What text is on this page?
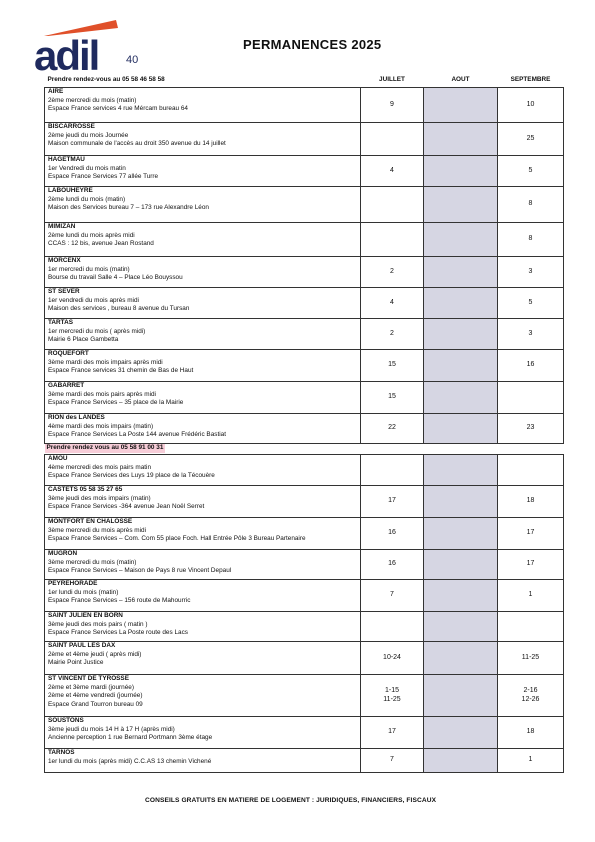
adil	40
PERMANENCES 2025
Prendre rendez-vous au 05 58 46 58 58	JUILLET	AOUT	SEPTEMBRE

AIRE
2ème mercredi du mois (matin)
Espace France services 4 rue Mércam bureau 64	9		10

BISCARROSSE
2ème jeudi du mois Journée
Maison communale de l'accès au droit 350 avenue du 14 juillet			25

HAGETMAU
1er Vendredi du mois matin
Espace France Services 77 allée Turre	4		5

LABOUHEYRE
2ème lundi du mois (matin)
Maison des Services bureau 7 – 173 rue Alexandre Léon			8

MIMIZAN
2ème lundi du mois après midi
CCAS : 12 bis, avenue Jean Rostand			8

MORCENX
1er mercredi du mois (matin)
Bourse du travail Salle 4 – Place Léo Bouyssou	2		3

ST SEVER
1er vendredi du mois après midi
Maison des services , bureau 8 avenue du Tursan	4		5

TARTAS
1er mercredi du mois ( après midi)
Mairie 6 Place Gambetta	2		3

ROQUEFORT
3ème mardi des mois impairs après midi
Espace France services 31 chemin de Bas de Haut	15		16

GABARRET
3ème mardi des mois pairs après midi
Espace France Services – 35 place de la Mairie	15		

RION des LANDES
4ème mardi des mois impairs (matin)
Espace France Services La Poste 144 avenue Frédéric Bastiat	22		23
Prendre rendez vous au 05 58 91 00 31			

AMOU
4ème mercredi des mois pairs matin
Espace France Services des Luys 19 place de la Técouère			

CASTETS 05 58 35 27 65
3ème jeudi des mois impairs (matin)
Espace France Services -364 avenue Jean Noël Serret	17		18

MONTFORT EN CHALOSSE
3ème mercredi du mois après midi
Espace France Services – Com. Com 55 place Foch. Hall Entrée Pôle 3 Bureau Partenaire	16		17

MUGRON
3ème mercredi du mois (matin)
Espace France Services – Maison de Pays 8 rue Vincent Depaul	16		17

PEYREHORADE
1er lundi du mois (matin)
Espace France Services – 156 route de Mahourric	7		1

SAINT JULIEN EN BORN
3ème jeudi des mois pairs ( matin )
Espace France Services La Poste route des Lacs			

SAINT PAUL LES DAX
2ème et 4ème jeudi ( après midi)
Mairie Point Justice	10-24		11-25

ST VINCENT DE TYROSSE
2ème et 3ème mardi (journée)
2ème et 4ème vendredi (journée)
Espace Grand Tourron bureau 09	1-15
11-25		2-16
12-26

SOUSTONS
3ème jeudi du mois 14 H à 17 H (après midi)
Ancienne perception 1 rue Bernard Portmann 3ème étage	17		18

TARNOS
1er lundi du mois (après midi) C.C.AS 13 chemin Vichené	7		1
CONSEILS GRATUITS EN MATIERE DE LOGEMENT : JURIDIQUES, FINANCIERS, FISCAUX
